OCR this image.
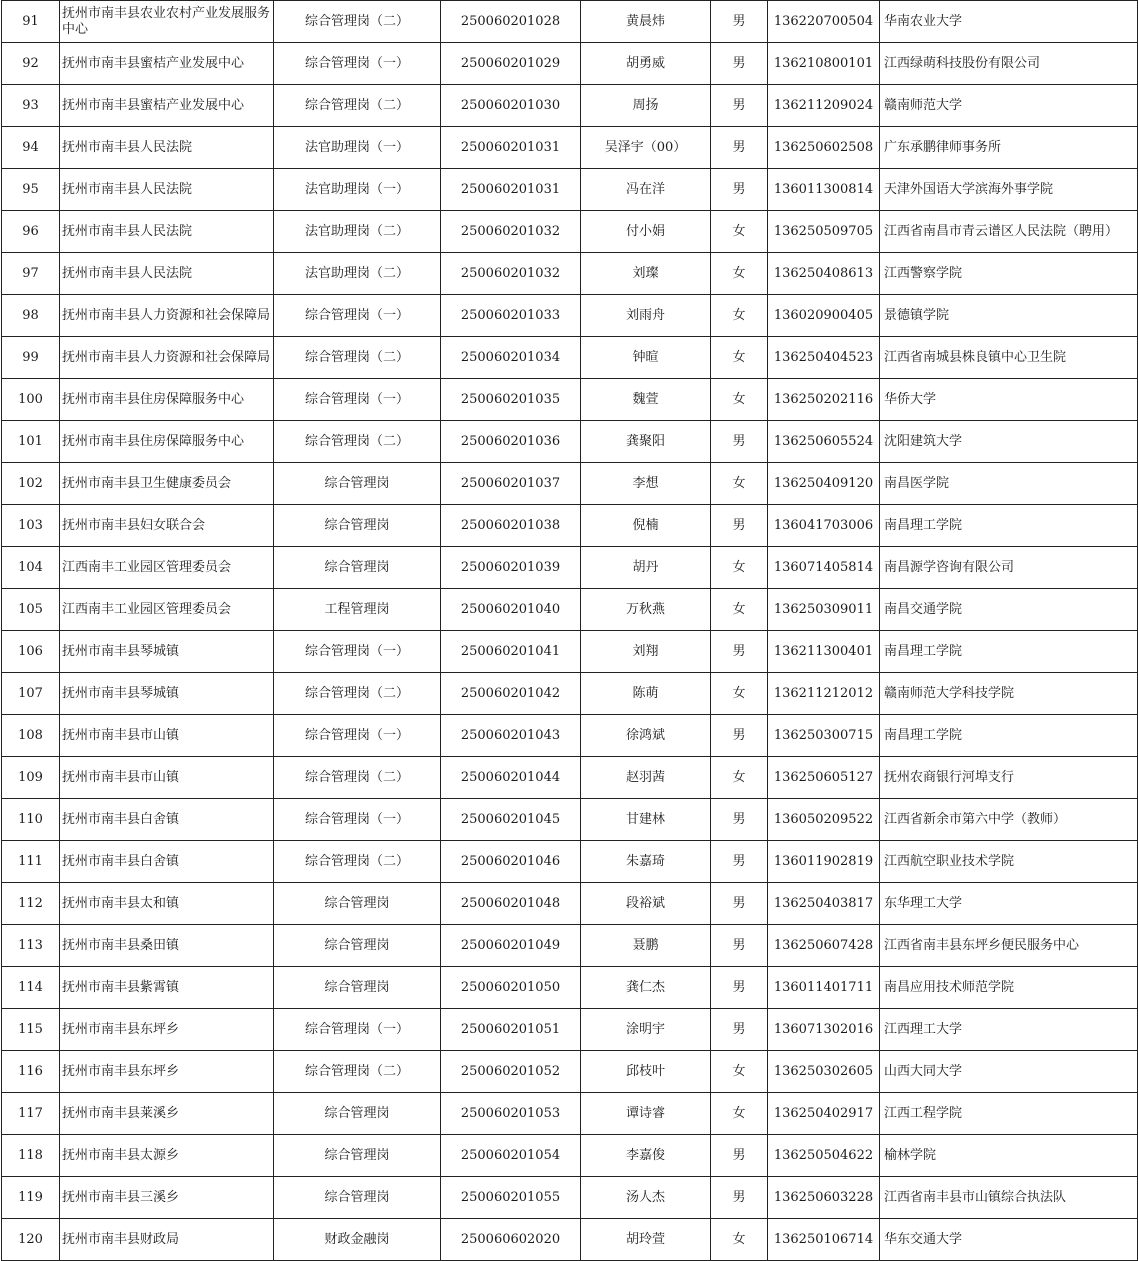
91	抚州市南丰县农业农村产业发展服务中心	综合管理岗（二）	250060201028	黄晨炜	男	136220700504	华南农业大学
92	抚州市南丰县蜜桔产业发展中心	综合管理岗（一）	250060201029	胡勇威	男	136210800101	江西绿萌科技股份有限公司
93	抚州市南丰县蜜桔产业发展中心	综合管理岗（二）	250060201030	周扬	男	136211209024	赣南师范大学
94	抚州市南丰县人民法院	法官助理岗（一）	250060201031	吴泽宇（00）	男	136250602508	广东承鹏律师事务所
95	抚州市南丰县人民法院	法官助理岗（一）	250060201031	冯在洋	男	136011300814	天津外国语大学滨海外事学院
96	抚州市南丰县人民法院	法官助理岗（二）	250060201032	付小娟	女	136250509705	江西省南昌市青云谱区人民法院（聘用）
97	抚州市南丰县人民法院	法官助理岗（二）	250060201032	刘璨	女	136250408613	江西警察学院
98	抚州市南丰县人力资源和社会保障局	综合管理岗（一）	250060201033	刘雨舟	女	136020900405	景德镇学院
99	抚州市南丰县人力资源和社会保障局	综合管理岗（二）	250060201034	钟暄	女	136250404523	江西省南城县株良镇中心卫生院
100	抚州市南丰县住房保障服务中心	综合管理岗（一）	250060201035	魏萱	女	136250202116	华侨大学
101	抚州市南丰县住房保障服务中心	综合管理岗（二）	250060201036	龚聚阳	男	136250605524	沈阳建筑大学
102	抚州市南丰县卫生健康委员会	综合管理岗	250060201037	李想	女	136250409120	南昌医学院
103	抚州市南丰县妇女联合会	综合管理岗	250060201038	倪楠	男	136041703006	南昌理工学院
104	江西南丰工业园区管理委员会	综合管理岗	250060201039	胡丹	女	136071405814	南昌源学咨询有限公司
105	江西南丰工业园区管理委员会	工程管理岗	250060201040	万秋燕	女	136250309011	南昌交通学院
106	抚州市南丰县琴城镇	综合管理岗（一）	250060201041	刘翔	男	136211300401	南昌理工学院
107	抚州市南丰县琴城镇	综合管理岗（二）	250060201042	陈萌	女	136211212012	赣南师范大学科技学院
108	抚州市南丰县市山镇	综合管理岗（一）	250060201043	徐鸿斌	男	136250300715	南昌理工学院
109	抚州市南丰县市山镇	综合管理岗（二）	250060201044	赵羽茜	女	136250605127	抚州农商银行河埠支行
110	抚州市南丰县白舍镇	综合管理岗（一）	250060201045	甘建林	男	136050209522	江西省新余市第六中学（教师）
111	抚州市南丰县白舍镇	综合管理岗（二）	250060201046	朱嘉琦	男	136011902819	江西航空职业技术学院
112	抚州市南丰县太和镇	综合管理岗	250060201048	段裕斌	男	136250403817	东华理工大学
113	抚州市南丰县桑田镇	综合管理岗	250060201049	聂鹏	男	136250607428	江西省南丰县东坪乡便民服务中心
114	抚州市南丰县紫霄镇	综合管理岗	250060201050	龚仁杰	男	136011401711	南昌应用技术师范学院
115	抚州市南丰县东坪乡	综合管理岗（一）	250060201051	涂明宇	男	136071302016	江西理工大学
116	抚州市南丰县东坪乡	综合管理岗（二）	250060201052	邱枝叶	女	136250302605	山西大同大学
117	抚州市南丰县莱溪乡	综合管理岗	250060201053	谭诗睿	女	136250402917	江西工程学院
118	抚州市南丰县太源乡	综合管理岗	250060201054	李嘉俊	男	136250504622	榆林学院
119	抚州市南丰县三溪乡	综合管理岗	250060201055	汤人杰	男	136250603228	江西省南丰县市山镇综合执法队
120	抚州市南丰县财政局	财政金融岗	250060602020	胡玲萱	女	136250106714	华东交通大学
